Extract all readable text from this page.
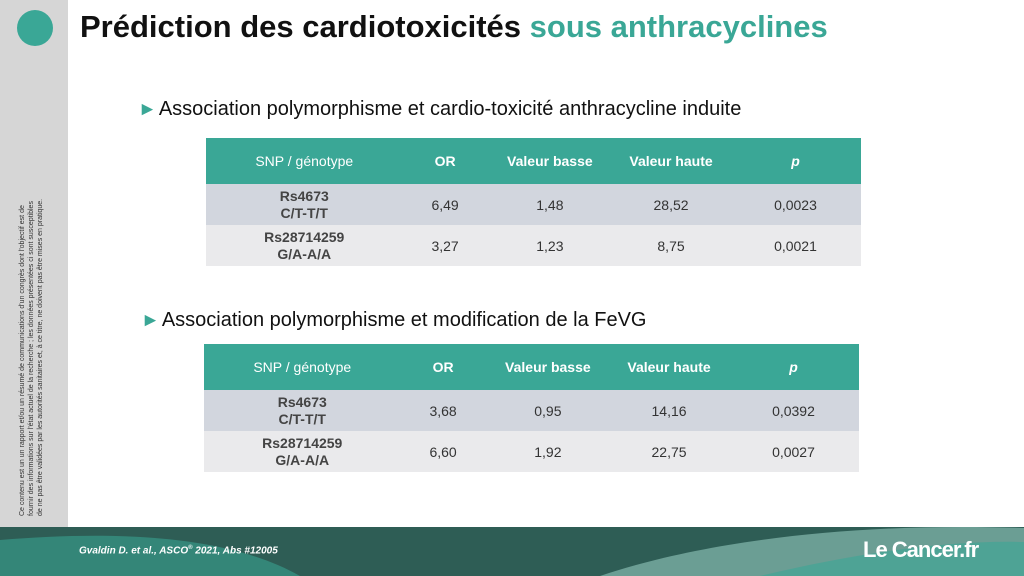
Ce contenu est un un rapport et/ou un résumé de communications d'un congrès dont l'objectif est de fournir des informations sur l'état actuel de la recherche ; les données présentées ci sont susceptibles de ne pas être validées par les autorités sanitaires et, à ce titre, ne doivent pas être mises en pratique.
Prédiction des cardiotoxicités sous anthracyclines
► Association polymorphisme et cardio-toxicité anthracycline induite
SNP / génotype	OR	Valeur basse	Valeur haute	p
Rs4673
C/T-T/T	6,49	1,48	28,52	0,0023
Rs28714259
G/A-A/A	3,27	1,23	8,75	0,0021
► Association polymorphisme et modification de la FeVG
SNP / génotype	OR	Valeur basse	Valeur haute	p
Rs4673
C/T-T/T	3,68	0,95	14,16	0,0392
Rs28714259
G/A-A/A	6,60	1,92	22,75	0,0027
Gvaldin D. et al., ASCO® 2021, Abs #12005	Le Cancer.fr
